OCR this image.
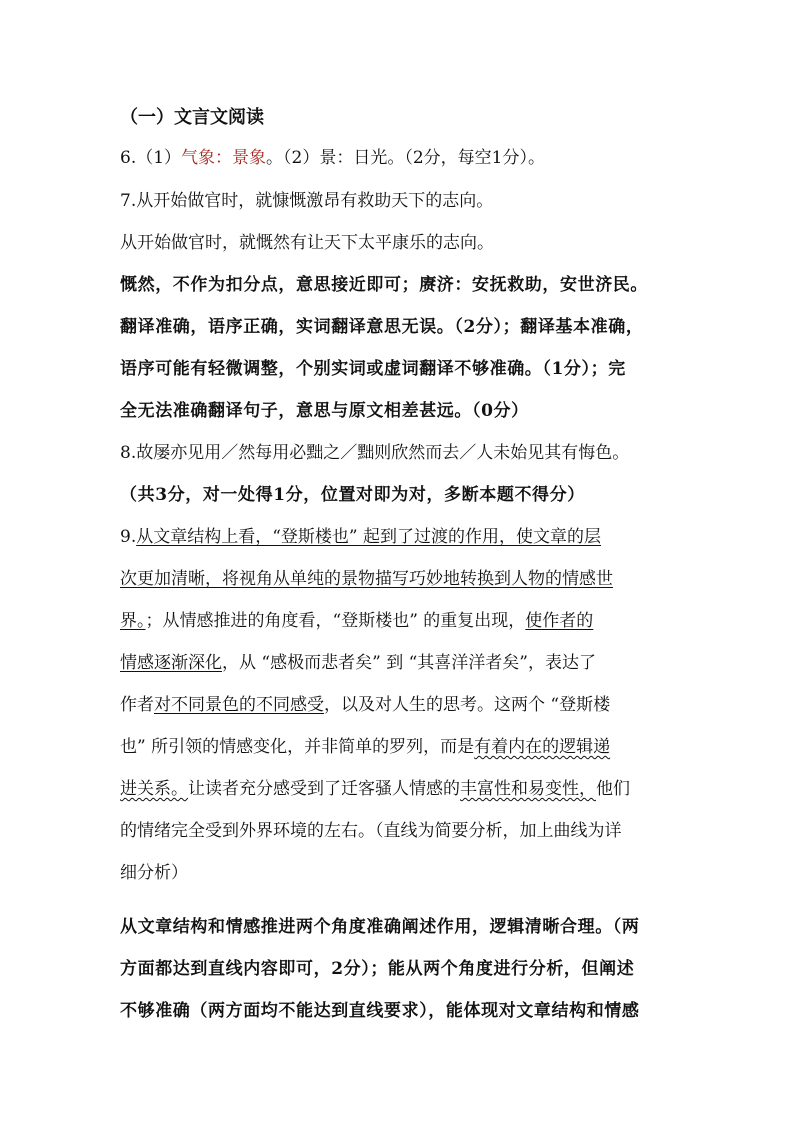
（一）文言文阅读
6.（1）气象：景象。（2）景：日光。（2分，每空1分）。
7.从开始做官时，就慷慨激昂有救助天下的志向。
从开始做官时，就慨然有让天下太平康乐的志向。
慨然，不作为扣分点，意思接近即可；赓济：安抚救助，安世济民。
翻译准确，语序正确，实词翻译意思无误。（2分）；翻译基本准确，
语序可能有轻微调整，个别实词或虚词翻译不够准确。（1分）；完
全无法准确翻译句子，意思与原文相差甚远。（0分）
8.故屡亦见用／然每用必黜之／黜则欣然而去／人未始见其有悔色。
（共3分，对一处得1分，位置对即为对，多断本题不得分）
9.从文章结构上看，“登斯楼也” 起到了过渡的作用，使文章的层
次更加清晰，将视角从单纯的景物描写巧妙地转换到人物的情感世
界。；从情感推进的角度看，“登斯楼也” 的重复出现，使作者的
情感逐渐深化，从 “感极而悲者矣” 到 “其喜洋洋者矣”，表达了
作者对不同景色的不同感受，以及对人生的思考。这两个 “登斯楼
也” 所引领的情感变化，并非简单的罗列，而是有着内在的逻辑递
进关系。让读者充分感受到了迁客骚人情感的丰富性和易变性，他们
的情绪完全受到外界环境的左右。（直线为简要分析，加上曲线为详
细分析）
从文章结构和情感推进两个角度准确阐述作用，逻辑清晰合理。（两
方面都达到直线内容即可，2分）；能从两个角度进行分析，但阐述
不够准确（两方面均不能达到直线要求），能体现对文章结构和情感
